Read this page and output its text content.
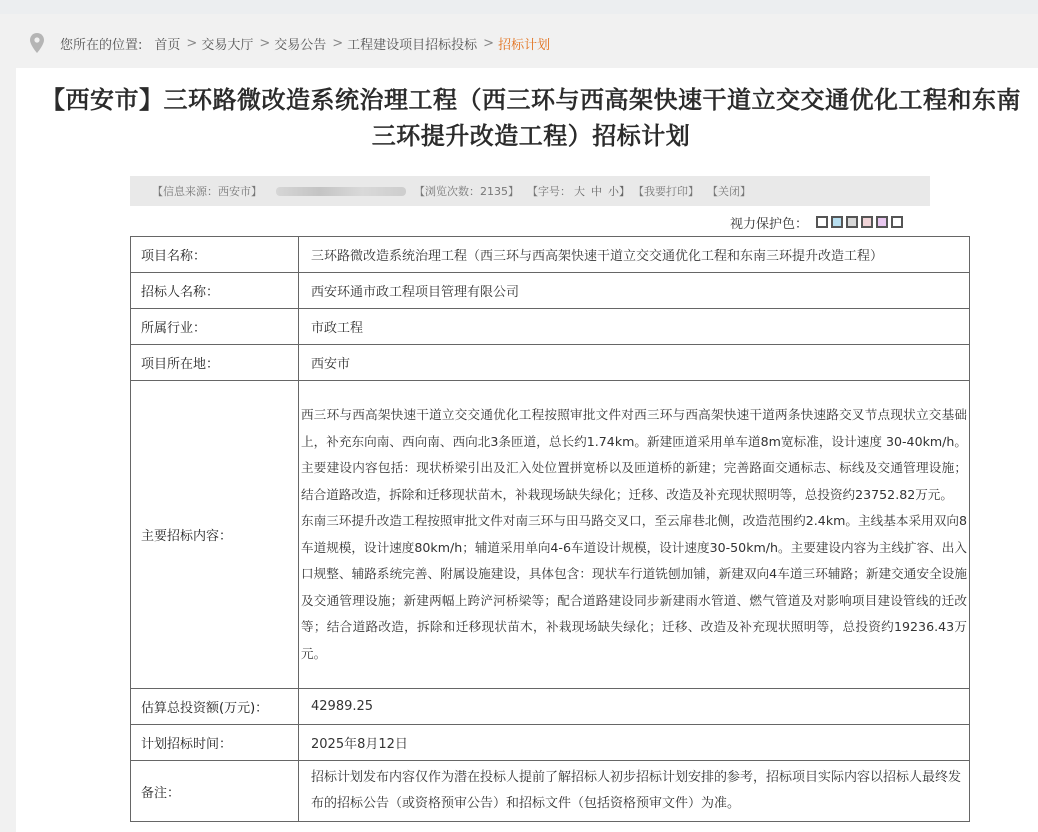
您所在的位置: 首页 > 交易大厅 > 交易公告 > 工程建设项目招标投标 > 招标计划
【西安市】三环路微改造系统治理工程（西三环与西高架快速干道立交交通优化工程和东南三环提升改造工程）招标计划
【信息来源：西安市】	【浏览次数：2135】 【字号： 大 中 小】 【我要打印】 【关闭】
视力保护色：
项目名称：	三环路微改造系统治理工程（西三环与西高架快速干道立交交通优化工程和东南三环提升改造工程）
招标人名称：	西安环通市政工程项目管理有限公司
所属行业：	市政工程
项目所在地：	西安市
主要招标内容：	西三环与西高架快速干道立交交通优化工程按照审批文件对西三环与西高架快速干道两条快速路交叉节点现状立交基础上，补充东向南、西向南、西向北3条匝道，总长约1.74km。新建匝道采用单车道8m宽标准，设计速度 30-40km/h。主要建设内容包括：现状桥梁引出及汇入处位置拼宽桥以及匝道桥的新建；完善路面交通标志、标线及交通管理设施；结合道路改造，拆除和迁移现状苗木，补栽现场缺失绿化；迁移、改造及补充现状照明等，总投资约23752.82万元。
东南三环提升改造工程按照审批文件对南三环与田马路交叉口，至云扉巷北侧，改造范围约2.4km。主线基本采用双向8车道规模，设计速度80km/h；辅道采用单向4-6车道设计规模，设计速度30-50km/h。主要建设内容为主线扩容、出入口规整、辅路系统完善、附属设施建设，具体包含：现状车行道铣刨加铺，新建双向4车道三环辅路；新建交通安全设施及交通管理设施；新建两幅上跨浐河桥梁等；配合道路建设同步新建雨水管道、燃气管道及对影响项目建设管线的迁改等；结合道路改造，拆除和迁移现状苗木，补栽现场缺失绿化；迁移、改造及补充现状照明等，总投资约19236.43万元。

估算总投资额(万元)：	42989.25
计划招标时间：	2025年8月12日
备注：	招标计划发布内容仅作为潜在投标人提前了解招标人初步招标计划安排的参考，招标项目实际内容以招标人最终发布的招标公告（或资格预审公告）和招标文件（包括资格预审文件）为准。
